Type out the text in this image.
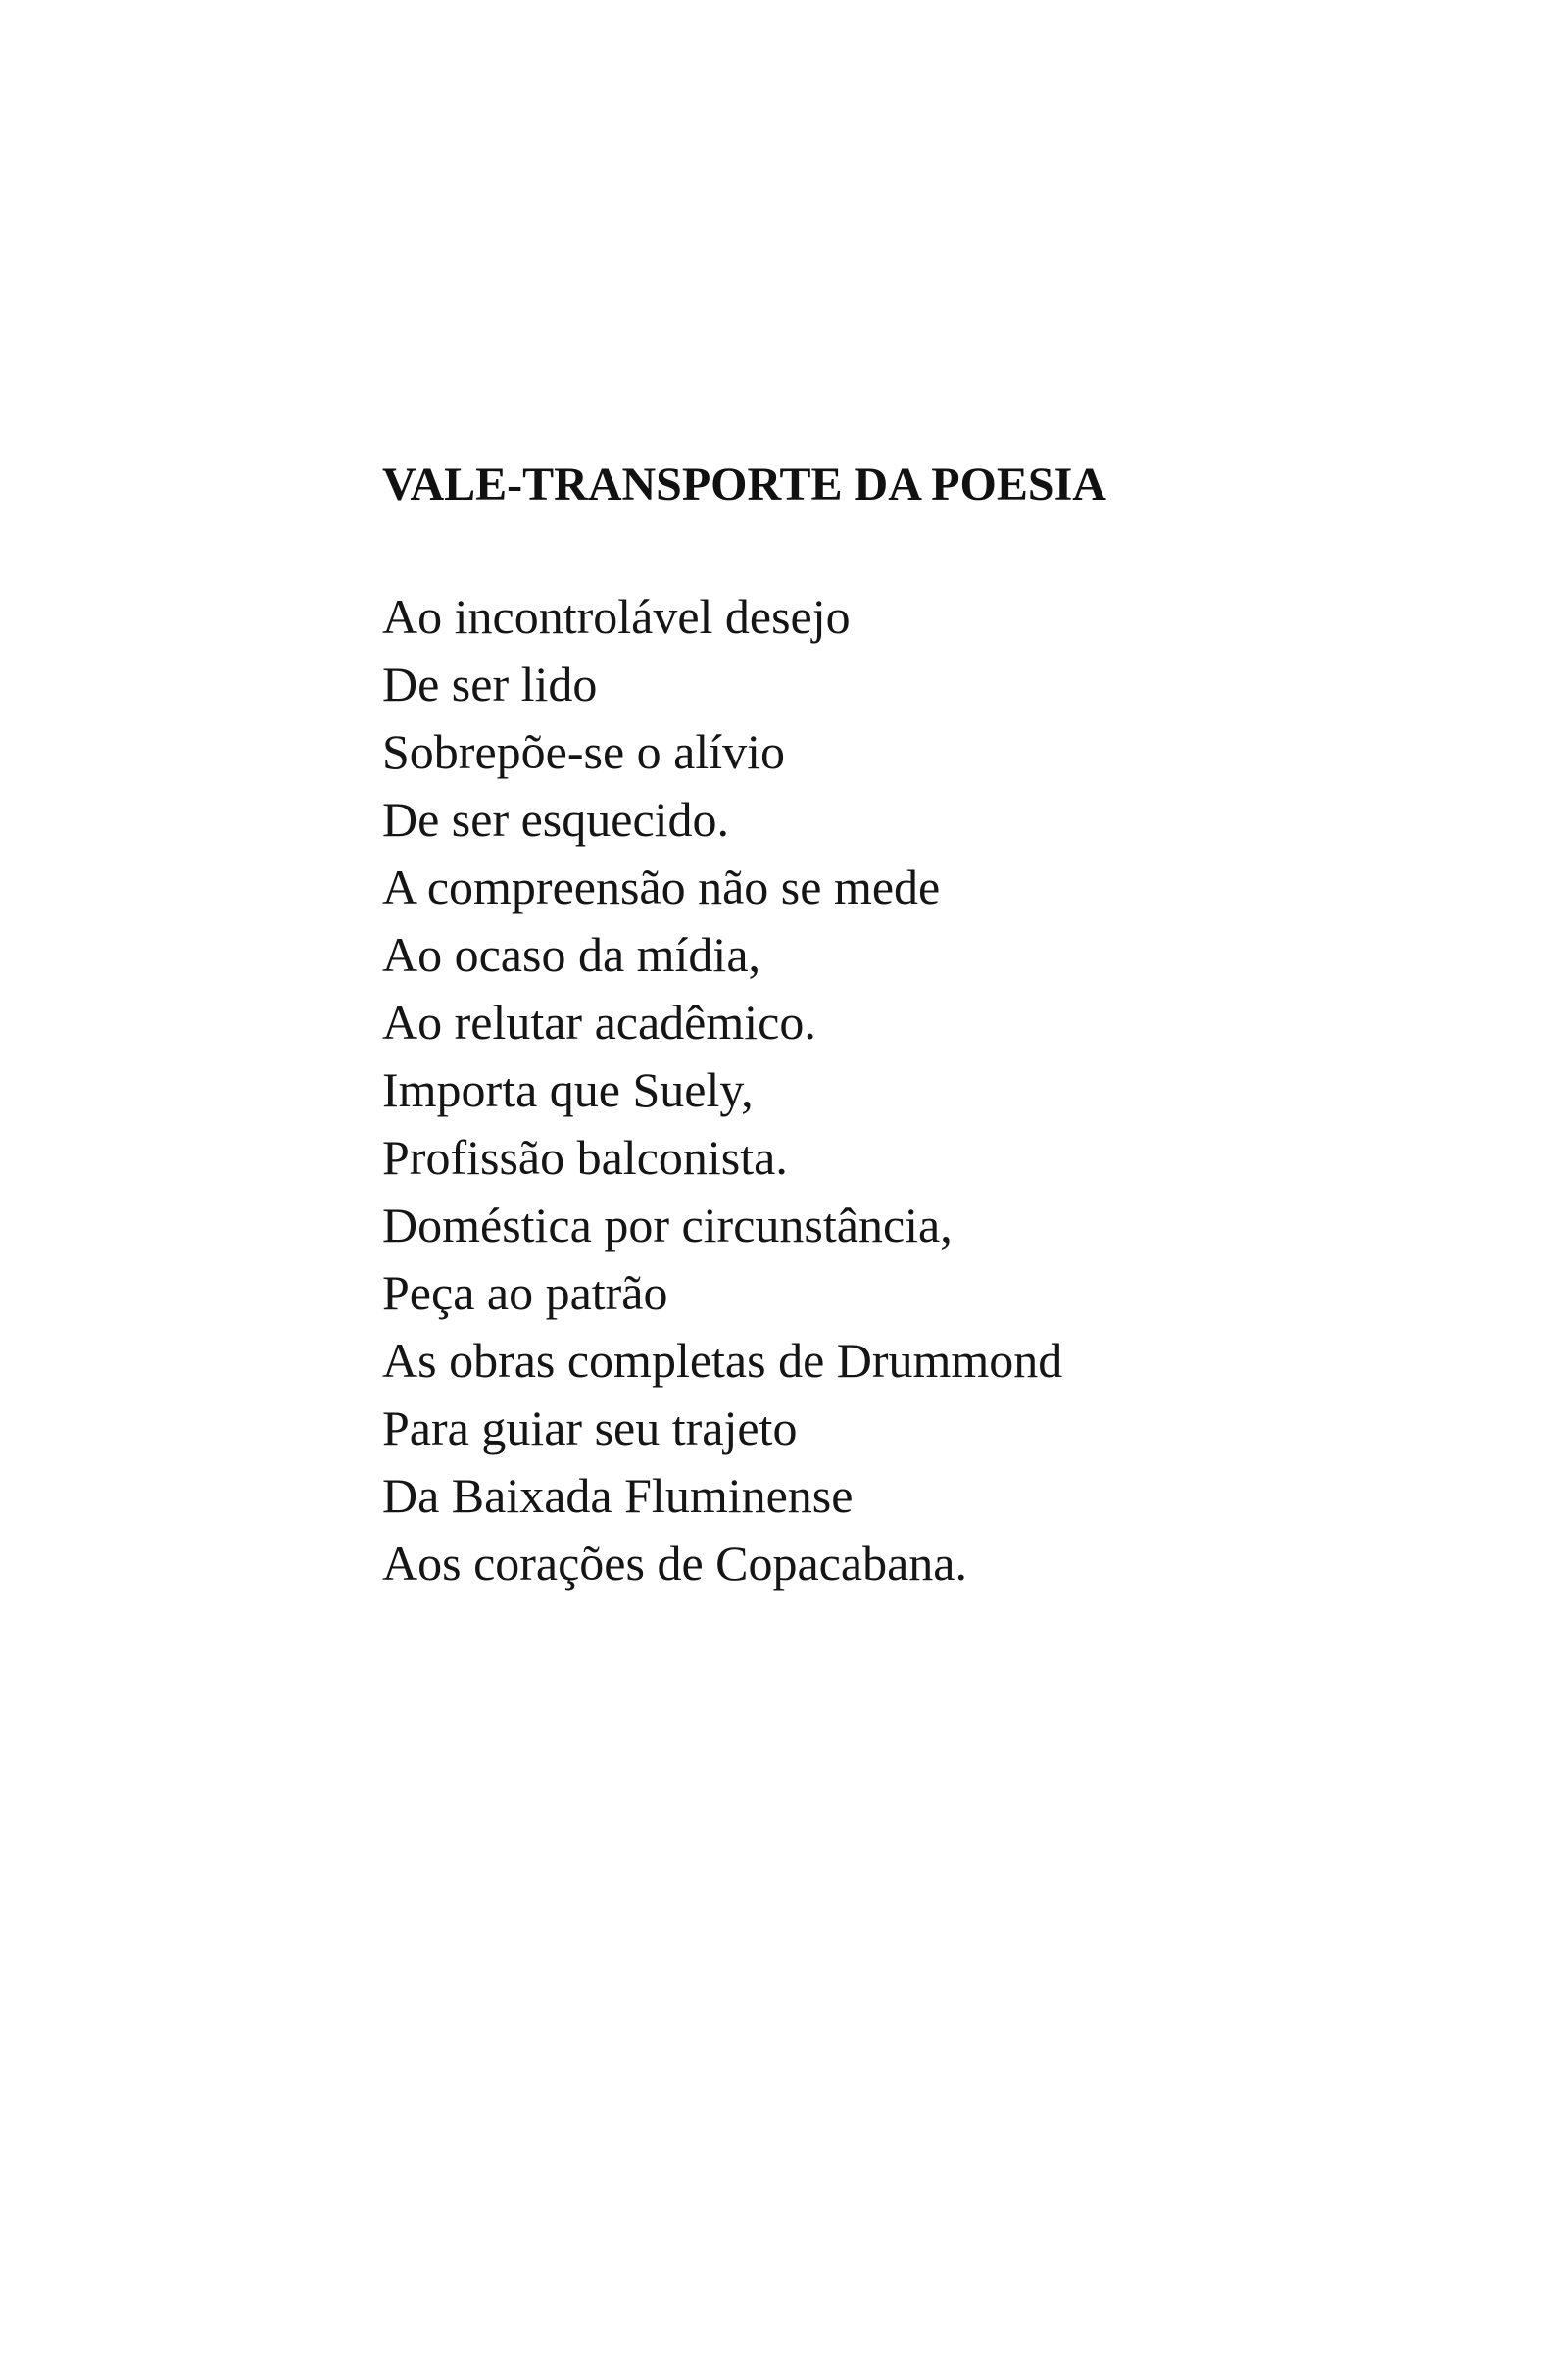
VALE-TRANSPORTE DA POESIA
Ao incontrolável desejo
De ser lido
Sobrepõe-se o alívio
De ser esquecido.
A compreensão não se mede
Ao ocaso da mídia,
Ao relutar acadêmico.
Importa que Suely,
Profissão balconista.
Doméstica por circunstância,
Peça ao patrão
As obras completas de Drummond
Para guiar seu trajeto
Da Baixada Fluminense
Aos corações de Copacabana.
